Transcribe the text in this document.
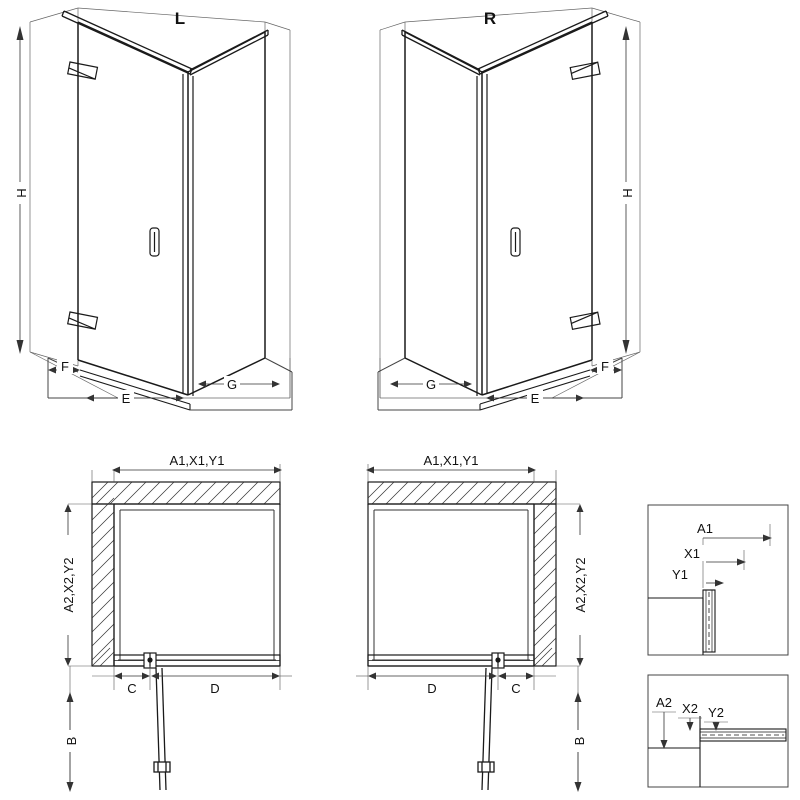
H
F
E
G
L
H
F
E
G
R
A1,X1,Y1
A2,X2,Y2
C	D
B
A1,X1,Y1
A2,X2,Y2
D	C
B
A1
X1
Y1
A2 X2 Y2
